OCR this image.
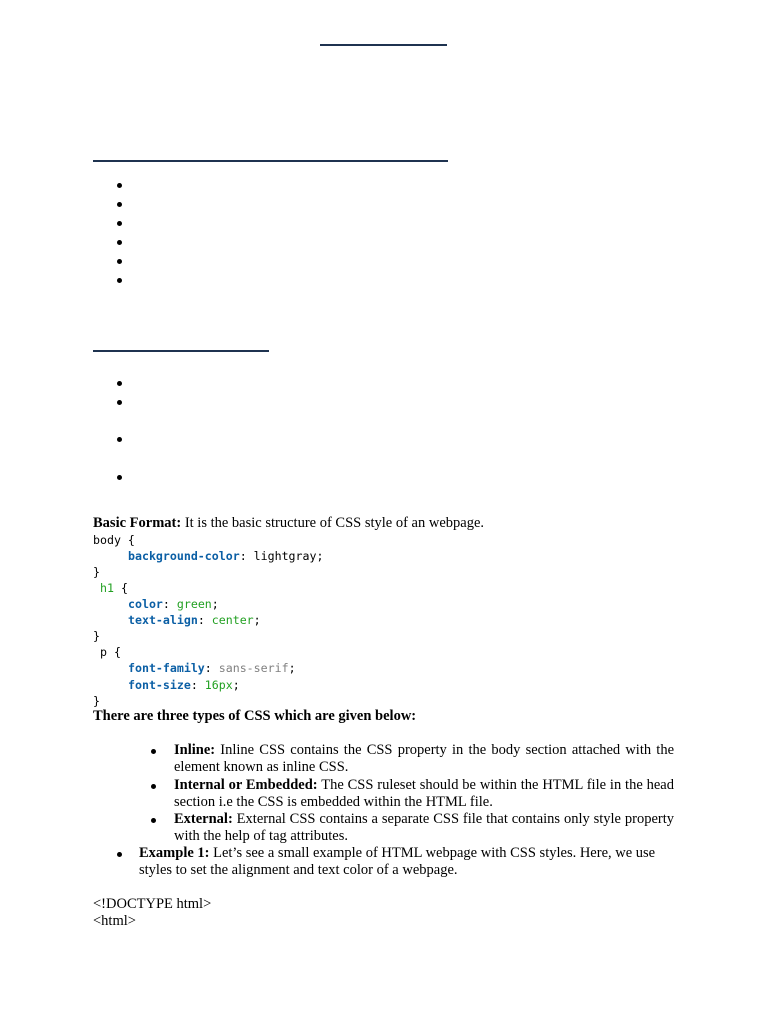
Basic Format: It is the basic structure of CSS style of an webpage.
body {
background-color: lightgray;
}
h1 {
color: green;
text-align: center;
}
p {
font-family: sans-serif;
font-size: 16px;
}
There are three types of CSS which are given below:
Inline: Inline CSS contains the CSS property in the body section attached with the element known as inline CSS.
Internal or Embedded: The CSS ruleset should be within the HTML file in the head section i.e the CSS is embedded within the HTML file.
External: External CSS contains a separate CSS file that contains only style property with the help of tag attributes.
Example 1: Let’s see a small example of HTML webpage with CSS styles. Here, we use styles to set the alignment and text color of a webpage.
<!DOCTYPE html>
<html>
